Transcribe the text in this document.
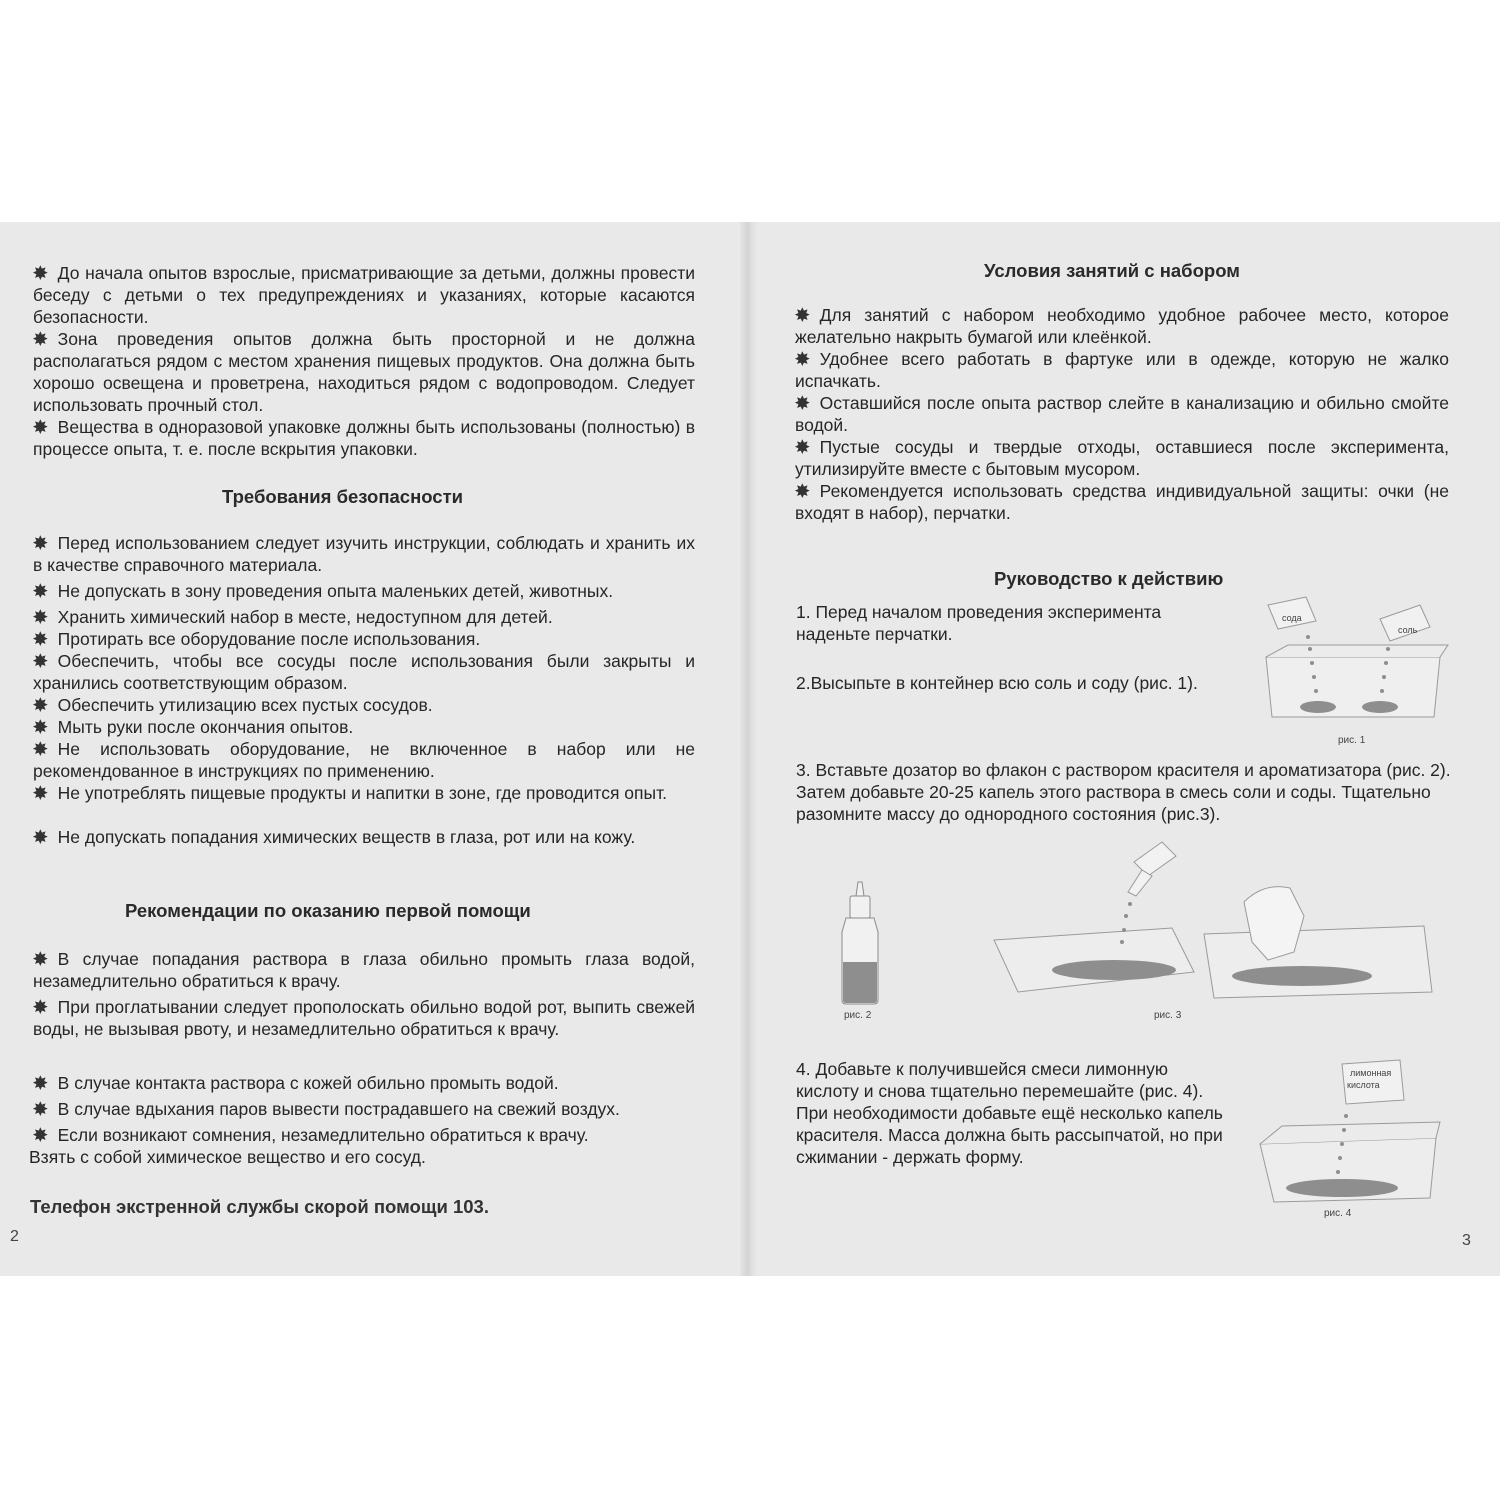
✸ До начала опытов взрослые, присматривающие за детьми, должны провести беседу с детьми о тех предупреждениях и указаниях, которые касаются безопасности.
✸ Зона проведения опытов должна быть просторной и не должна располагаться рядом с местом хранения пищевых продуктов. Она должна быть хорошо освещена и проветрена, находиться рядом с водопроводом. Следует использовать прочный стол.
✸ Вещества в одноразовой упаковке должны быть использованы (полностью) в процессе опыта, т. е. после вскрытия упаковки.
Требования безопасности
✸ Перед использованием следует изучить инструкции, соблюдать и хранить их в качестве справочного материала.
✸ Не допускать в зону проведения опыта маленьких детей, животных.
✸ Хранить химический набор в месте, недоступном для детей.
✸ Протирать все оборудование после использования.
✸ Обеспечить, чтобы все сосуды после использования были закрыты и хранились соответствующим образом.
✸ Обеспечить утилизацию всех пустых сосудов.
✸ Мыть руки после окончания опытов.
✸ Не использовать оборудование, не включенное в набор или не рекомендованное в инструкциях по применению.
✸ Не употреблять пищевые продукты и напитки в зоне, где проводится опыт.
✸ Не допускать попадания химических веществ в глаза, рот или на кожу.
Рекомендации по оказанию первой помощи
✸ В случае попадания раствора в глаза обильно промыть глаза водой, незамедлительно обратиться к врачу.
✸ При проглатывании следует прополоскать обильно водой рот, выпить свежей воды, не вызывая рвоту, и незамедлительно обратиться к врачу.
✸ В случае контакта раствора с кожей обильно промыть водой.
✸ В случае вдыхания паров вывести пострадавшего на свежий воздух.
✸ Если возникают сомнения, незамедлительно обратиться к врачу.
Взять с собой химическое вещество и его сосуд.
Телефон экстренной службы скорой помощи 103.
2
Условия занятий с набором
✸ Для занятий с набором необходимо удобное рабочее место, которое желательно накрыть бумагой или клеёнкой.
✸ Удобнее всего работать в фартуке или в одежде, которую не жалко испачкать.
✸ Оставшийся после опыта раствор слейте в канализацию и обильно смойте водой.
✸ Пустые сосуды и твердые отходы, оставшиеся после эксперимента, утилизируйте вместе с бытовым мусором.
✸ Рекомендуется использовать средства индивидуальной защиты: очки (не входят в набор), перчатки.
Руководство к действию
1. Перед началом проведения эксперимента наденьте перчатки.
2.Высыпьте в контейнер всю соль и соду (рис. 1).
3. Вставьте дозатор во флакон с раствором красителя и ароматизатора (рис. 2). Затем добавьте 20-25 капель этого раствора в смесь соли и соды. Тщательно разомните массу до однородного состояния (рис.3).
4. Добавьте к получившейся смеси лимонную кислоту и снова тщательно перемешайте (рис. 4). При необходимости добавьте ещё несколько капель красителя. Масса должна быть рассыпчатой, но при сжимании - держать форму.
сода
соль
рис. 1
рис. 2	рис. 3
лимонная
кислота
рис. 4
3
